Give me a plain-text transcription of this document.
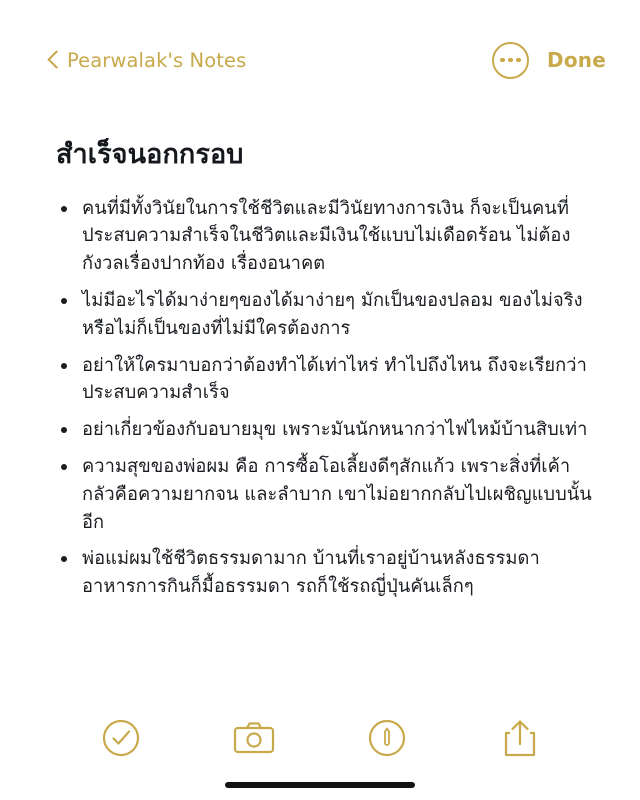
Pearwalak's Notes	Done
สำเร็จนอกกรอบ
คนที่มีทั้งวินัยในการใช้ชีวิตและมีวินัยทางการเงิน ก็จะเป็นคนที่ประสบความสำเร็จในชีวิตและมีเงินใช้แบบไม่เดือดร้อน ไม่ต้องกังวลเรื่องปากท้อง เรื่องอนาคต
ไม่มีอะไรได้มาง่ายๆของได้มาง่ายๆ มักเป็นของปลอม ของไม่จริง หรือไม่ก็เป็นของที่ไม่มีใครต้องการ
อย่าให้ใครมาบอกว่าต้องทำได้เท่าไหร่ ทำไปถึงไหน ถึงจะเรียกว่าประสบความสำเร็จ
อย่าเกี่ยวข้องกับอบายมุข เพราะมันนักหนากว่าไฟไหม้บ้านสิบเท่า
ความสุขของพ่อผม คือ การซื้อโอเลี้ยงดีๆสักแก้ว เพราะสิ่งที่เค้ากลัวคือความยากจน และลำบาก เขาไม่อยากกลับไปเผชิญแบบนั้นอีก
พ่อแม่ผมใช้ชีวิตธรรมดามาก บ้านที่เราอยู่บ้านหลังธรรมดา อาหารการกินก็มื้อธรรมดา รถก็ใช้รถญี่ปุ่นคันเล็กๆ
